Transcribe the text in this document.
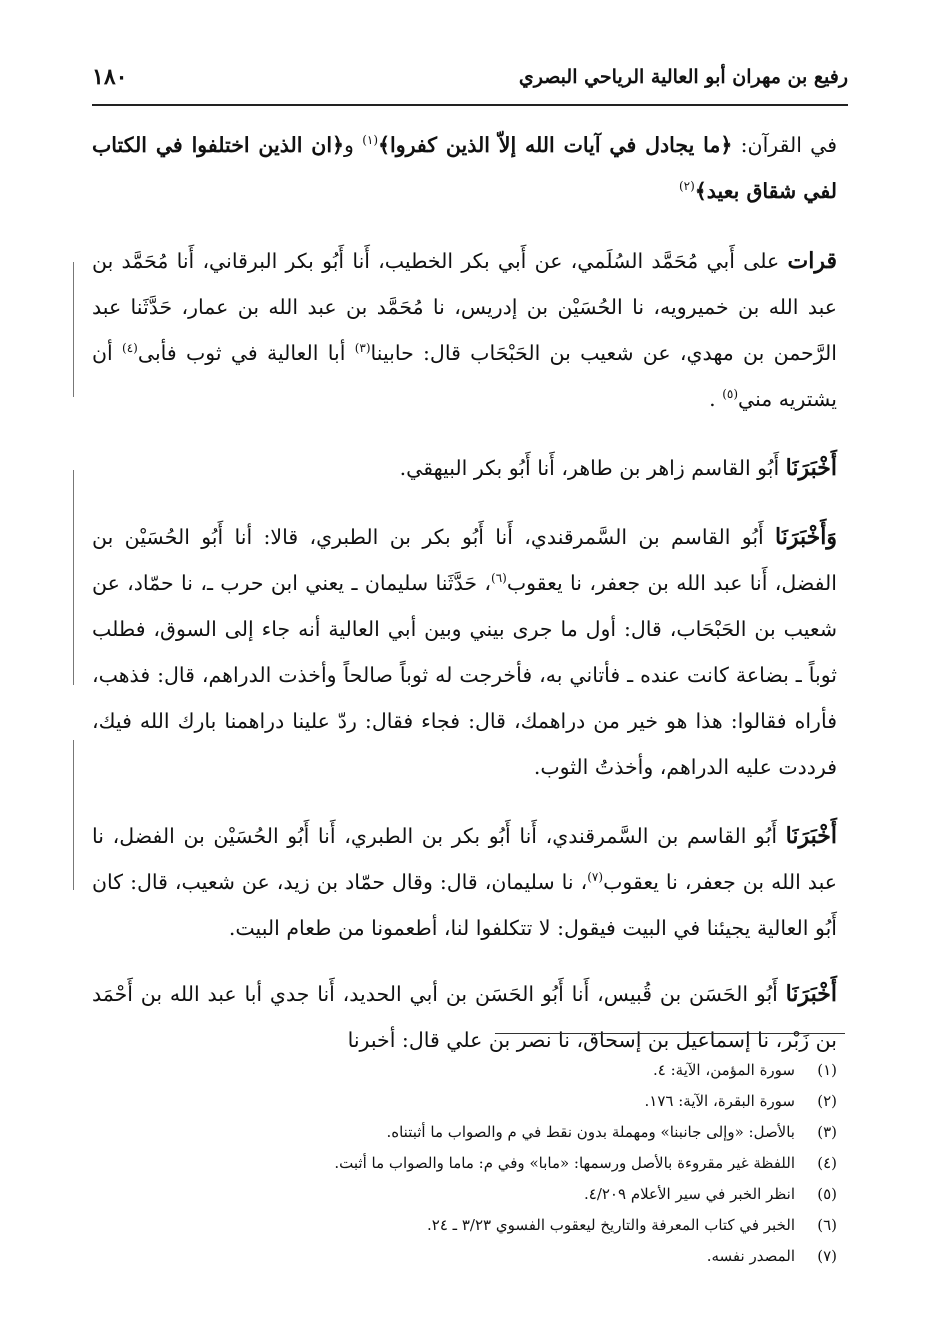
رفيع بن مهران أبو العالية الرياحي البصري
١٨٠

في القرآن: ﴿ما يجادل في آيات الله إلاّ الذين كفروا﴾$^{(١)}$ و﴿ان الذين اختلفوا في الكتاب لفي شقاق بعيد﴾$^{(٢)}$

قرات على أَبي مُحَمَّد السُلَمي، عن أَبي بكر الخطيب، أَنا أَبُو بكر البرقاني، أَنا مُحَمَّد بن عبد الله بن خميرويه، نا الحُسَيْن بن إدريس، نا مُحَمَّد بن عبد الله بن عمار، حَدَّثَنا عبد الرَّحمن بن مهدي، عن شعيب بن الحَبْحَاب قال: حابينا$^{(٣)}$ أبا العالية في ثوب فأبى$^{(٤)}$ أن يشتريه مني$^{(٥)}$ .

أَخْبَرَنَا أَبُو القاسم زاهر بن طاهر، أَنا أَبُو بكر البيهقي.

وَأَخْبَرَنَا أَبُو القاسم بن السَّمرقندي، أَنا أَبُو بكر بن الطبري، قالا: أنا أَبُو الحُسَيْن بن الفضل، أَنا عبد الله بن جعفر، نا يعقوب$^{(٦)}$، حَدَّثَنا سليمان ـ يعني ابن حرب ـ، نا حمّاد، عن شعيب بن الحَبْحَاب، قال: أول ما جرى بيني وبين أبي العالية أنه جاء إلى السوق، فطلب ثوباً ـ بضاعة كانت عنده ـ فأتاني به، فأخرجت له ثوباً صالحاً وأخذت الدراهم، قال: فذهب، فأراه فقالوا: هذا هو خير من دراهمك، قال: فجاء فقال: ردّ علينا دراهمنا بارك الله فيك، فرددت عليه الدراهم، وأخذتُ الثوب.

أَخْبَرَنَا أَبُو القاسم بن السَّمرقندي، أَنا أَبُو بكر بن الطبري، أَنا أَبُو الحُسَيْن بن الفضل، نا عبد الله بن جعفر، نا يعقوب$^{(٧)}$، نا سليمان، قال: وقال حمّاد بن زيد، عن شعيب، قال: كان أَبُو العالية يجيئنا في البيت فيقول: لا تتكلفوا لنا، أطعمونا من طعام البيت.

أَخْبَرَنَا أَبُو الحَسَن بن قُبيس، أَنا أَبُو الحَسَن بن أبي الحديد، أَنا جدي أبا عبد الله بن أَحْمَد بن زَبْر، نا إسماعيل بن إسحاق، نا نصر بن علي قال: أخبرنا

(١)سورة المؤمن، الآية: ٤.
(٢)سورة البقرة، الآية: ١٧٦.
(٣)بالأصل: «وإلى جانبنا» ومهملة بدون نقط في م والصواب ما أثبتناه.
(٤)اللفظة غير مقروءة بالأصل ورسمها: «مابا» وفي م: ماما والصواب ما أثبت.
(٥)انظر الخبر في سير الأعلام ٤/٢٠٩.
(٦)الخبر في كتاب المعرفة والتاريخ ليعقوب الفسوي ٣/٢٣ ـ ٢٤.
(٧)المصدر نفسه.
